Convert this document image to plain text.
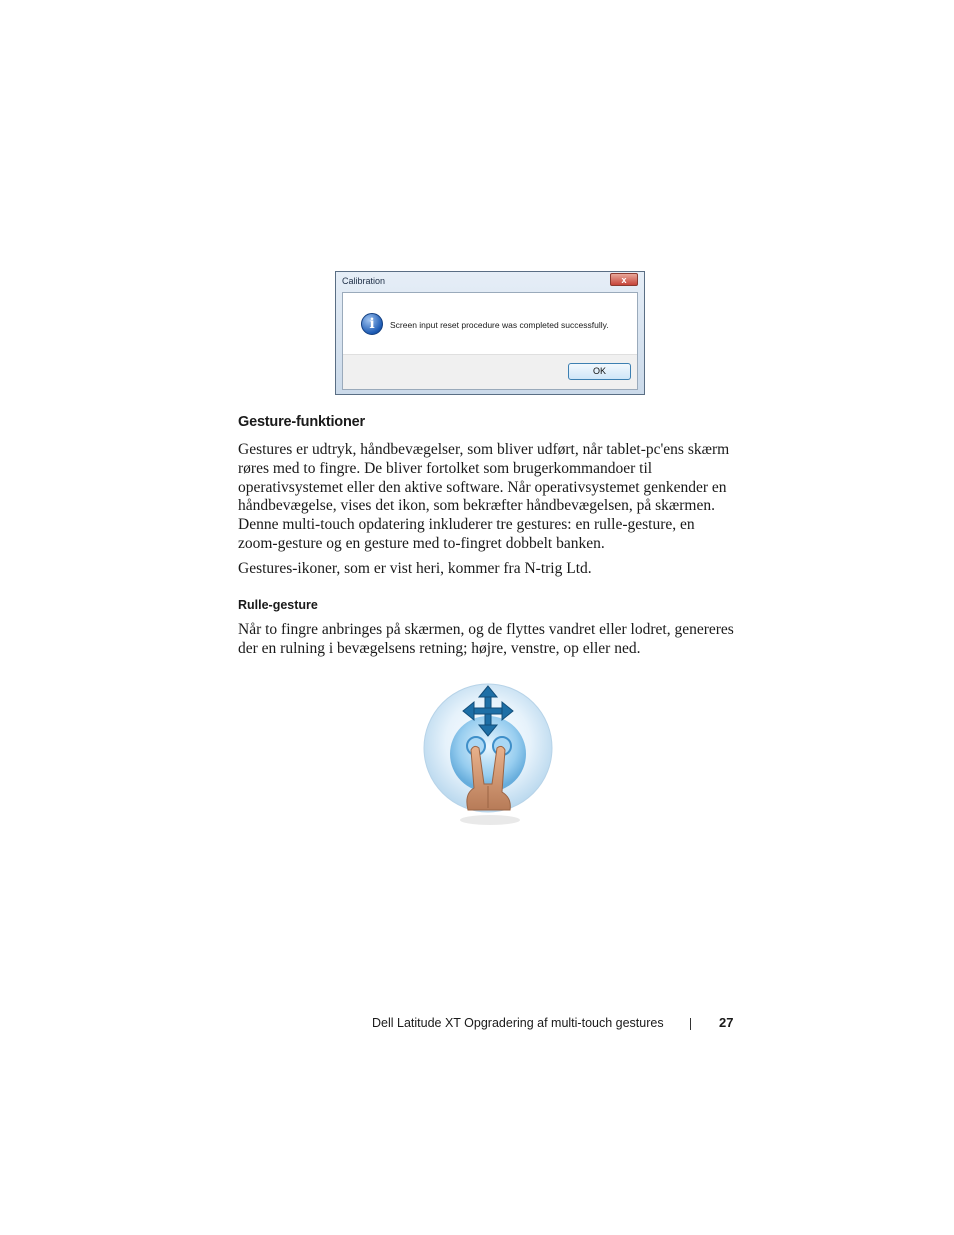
Calibration	x
i	Screen input reset procedure was completed successfully.
OK
Gesture-funktioner

Gestures er udtryk, håndbevægelser, som bliver udført, når tablet-pc'ens skærm røres med to fingre. De bliver fortolket som brugerkommandoer til operativsystemet eller den aktive software. Når operativsystemet genkender en håndbevægelse, vises det ikon, som bekræfter håndbevægelsen, på skærmen. Denne multi-touch opdatering inkluderer tre gestures: en rulle-gesture, en zoom-gesture og en gesture med to-fingret dobbelt banken.

Gestures-ikoner, som er vist heri, kommer fra N-trig Ltd.

Rulle-gesture

Når to fingre anbringes på skærmen, og de flyttes vandret eller lodret, genereres der en rulning i bevægelsens retning; højre, venstre, op eller ned.

Dell Latitude XT Opgradering af multi-touch gestures	27
